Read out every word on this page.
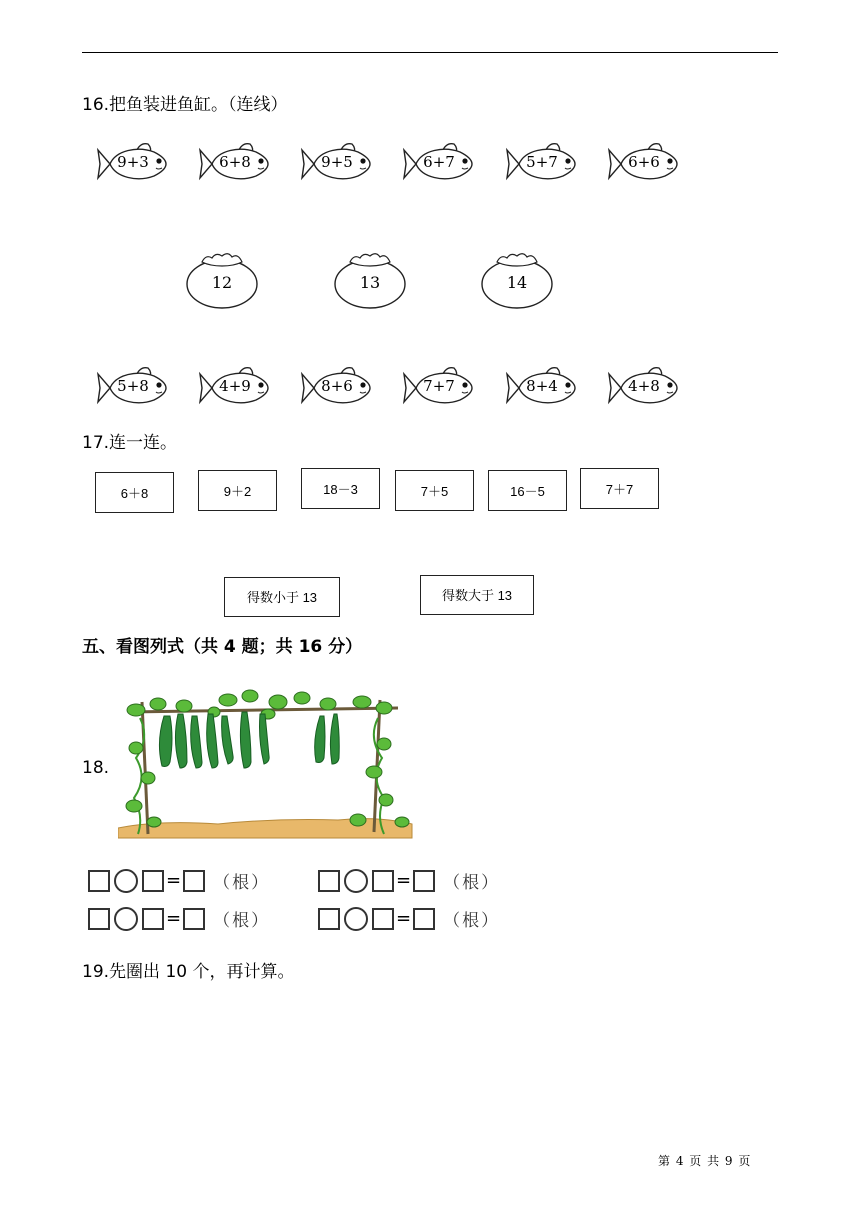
16.把鱼装进鱼缸。（连线）
9+3	6+8	9+5	6+7	5+7	6+6
12	13	14
5+8	4+9	8+6	7+7	8+4	4+8
17.连一连。
6＋8	9＋2	18－3	7＋5	16－5	7＋7
得数小于 13	得数大于 13
五、看图列式（共 4 题；共 16 分）
18.
= （根）	= （根）
= （根）	= （根）
19.先圈出 10 个，再计算。
第 4 页 共 9 页
